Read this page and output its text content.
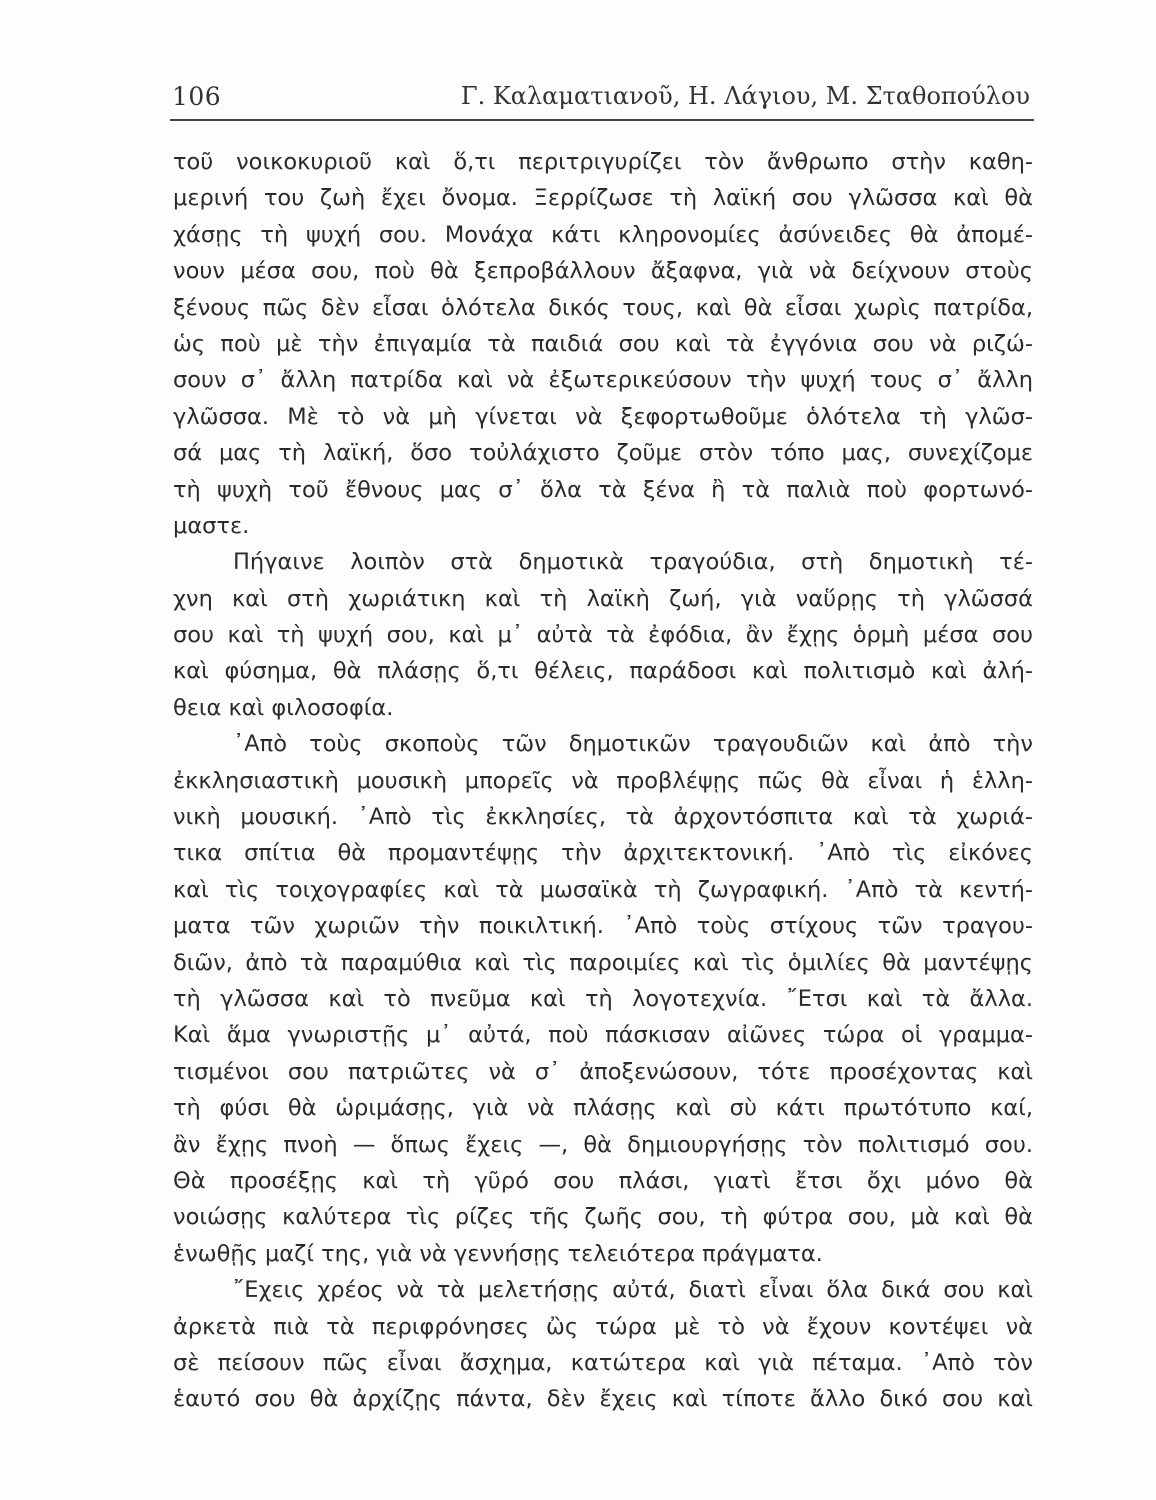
106	Γ. Καλαματιανοῦ, Η. Λάγιου, Μ. Σταθοπούλου
τοῦ νοικοκυριοῦ καὶ ὅ,τι περιτριγυρίζει τὸν ἄνθρωπο στὴν καθη-
μερινή του ζωὴ ἔχει ὄνομα. Ξερρίζωσε τὴ λαϊκή σου γλῶσσα καὶ θὰ
χάσῃς τὴ ψυχή σου. Μονάχα κάτι κληρονομίες ἀσύνειδες θὰ ἀπομέ-
νουν μέσα σου, ποὺ θὰ ξεπροβάλλουν ἄξαφνα, γιὰ νὰ δείχνουν στοὺς
ξένους πῶς δὲν εἶσαι ὁλότελα δικός τους, καὶ θὰ εἶσαι χωρὶς πατρίδα,
ὡς ποὺ μὲ τὴν ἐπιγαμία τὰ παιδιά σου καὶ τὰ ἐγγόνια σου νὰ ριζώ-
σουν σ᾿ ἄλλη πατρίδα καὶ νὰ ἐξωτερικεύσουν τὴν ψυχή τους σ᾿ ἄλλη
γλῶσσα. Μὲ τὸ νὰ μὴ γίνεται νὰ ξεφορτωθοῦμε ὁλότελα τὴ γλῶσ-
σά μας τὴ λαϊκή, ὅσο τοὐλάχιστο ζοῦμε στὸν τόπο μας, συνεχίζομε
τὴ ψυχὴ τοῦ ἔθνους μας σ᾿ ὅλα τὰ ξένα ἢ τὰ παλιὰ ποὺ φορτωνό-
μαστε.
Πήγαινε λοιπὸν στὰ δημοτικὰ τραγούδια, στὴ δημοτικὴ τέ-
χνη καὶ στὴ χωριάτικη καὶ τὴ λαϊκὴ ζωή, γιὰ ναὕρῃς τὴ γλῶσσά
σου καὶ τὴ ψυχή σου, καὶ μ᾿ αὐτὰ τὰ ἐφόδια, ἂν ἔχῃς ὁρμὴ μέσα σου
καὶ φύσημα, θὰ πλάσῃς ὅ,τι θέλεις, παράδοσι καὶ πολιτισμὸ καὶ ἀλή-
θεια καὶ φιλοσοφία.
᾿Απὸ τοὺς σκοποὺς τῶν δημοτικῶν τραγουδιῶν καὶ ἀπὸ τὴν
ἐκκλησιαστικὴ μουσικὴ μπορεῖς νὰ προβλέψῃς πῶς θὰ εἶναι ἡ ἑλλη-
νικὴ μουσική. ᾿Απὸ τὶς ἐκκλησίες, τὰ ἀρχοντόσπιτα καὶ τὰ χωριά-
τικα σπίτια θὰ προμαντέψῃς τὴν ἀρχιτεκτονική. ᾿Απὸ τὶς εἰκόνες
καὶ τὶς τοιχογραφίες καὶ τὰ μωσαϊκὰ τὴ ζωγραφική. ᾿Απὸ τὰ κεντή-
ματα τῶν χωριῶν τὴν ποικιλτική. ᾿Απὸ τοὺς στίχους τῶν τραγου-
διῶν, ἀπὸ τὰ παραμύθια καὶ τὶς παροιμίες καὶ τὶς ὁμιλίες θὰ μαντέψῃς
τὴ γλῶσσα καὶ τὸ πνεῦμα καὶ τὴ λογοτεχνία. ῎Ετσι καὶ τὰ ἄλλα.
Καὶ ἅμα γνωριστῇς μ᾿ αὐτά, ποὺ πάσκισαν αἰῶνες τώρα οἱ γραμμα-
τισμένοι σου πατριῶτες νὰ σ᾿ ἀποξενώσουν, τότε προσέχοντας καὶ
τὴ φύσι θὰ ὡριμάσῃς, γιὰ νὰ πλάσῃς καὶ σὺ κάτι πρωτότυπο καί,
ἂν ἔχῃς πνοὴ — ὅπως ἔχεις —, θὰ δημιουργήσῃς τὸν πολιτισμό σου.
Θὰ προσέξῃς καὶ τὴ γῦρό σου πλάσι, γιατὶ ἔτσι ὄχι μόνο θὰ
νοιώσῃς καλύτερα τὶς ρίζες τῆς ζωῆς σου, τὴ φύτρα σου, μὰ καὶ θὰ
ἑνωθῇς μαζί της, γιὰ νὰ γεννήσῃς τελειότερα πράγματα.
῎Εχεις χρέος νὰ τὰ μελετήσῃς αὐτά, διατὶ εἶναι ὅλα δικά σου καὶ
ἀρκετὰ πιὰ τὰ περιφρόνησες ὢς τώρα μὲ τὸ νὰ ἔχουν κοντέψει νὰ
σὲ πείσουν πῶς εἶναι ἄσχημα, κατώτερα καὶ γιὰ πέταμα. ᾿Απὸ τὸν
ἑαυτό σου θὰ ἀρχίζῃς πάντα, δὲν ἔχεις καὶ τίποτε ἄλλο δικό σου καὶ
